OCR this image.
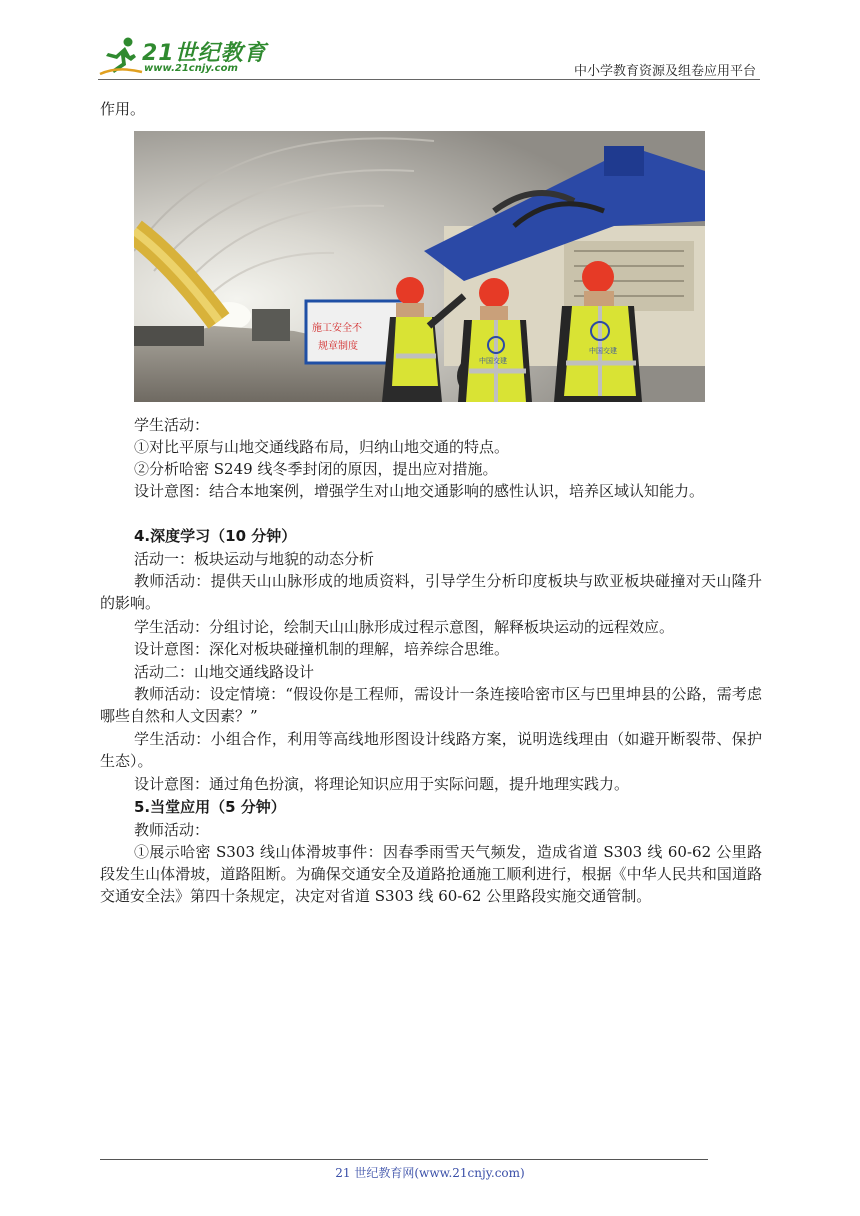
21世纪教育
www.21cnjy.com	中小学教育资源及组卷应用平台

作用。

施工安全不
规章制度
中国交建
中国交建

学生活动：

①对比平原与山地交通线路布局，归纳山地交通的特点。

②分析哈密 S249 线冬季封闭的原因，提出应对措施。

设计意图：结合本地案例，增强学生对山地交通影响的感性认识，培养区域认知能力。

4.深度学习（10 分钟）

活动一：板块运动与地貌的动态分析

教师活动：提供天山山脉形成的地质资料，引导学生分析印度板块与欧亚板块碰撞对天山隆升的影响。

学生活动：分组讨论，绘制天山山脉形成过程示意图，解释板块运动的远程效应。

设计意图：深化对板块碰撞机制的理解，培养综合思维。

活动二：山地交通线路设计

教师活动：设定情境：“假设你是工程师，需设计一条连接哈密市区与巴里坤县的公路，需考虑哪些自然和人文因素？”

学生活动：小组合作，利用等高线地形图设计线路方案，说明选线理由（如避开断裂带、保护生态）。

设计意图：通过角色扮演，将理论知识应用于实际问题，提升地理实践力。

5.当堂应用（5 分钟）

教师活动：

①展示哈密 S303 线山体滑坡事件：因春季雨雪天气频发，造成省道 S303 线 60-62 公里路段发生山体滑坡，道路阻断。为确保交通安全及道路抢通施工顺利进行，根据《中华人民共和国道路交通安全法》第四十条规定，决定对省道 S303 线 60-62 公里路段实施交通管制。

21 世纪教育网(www.21cnjy.com)
